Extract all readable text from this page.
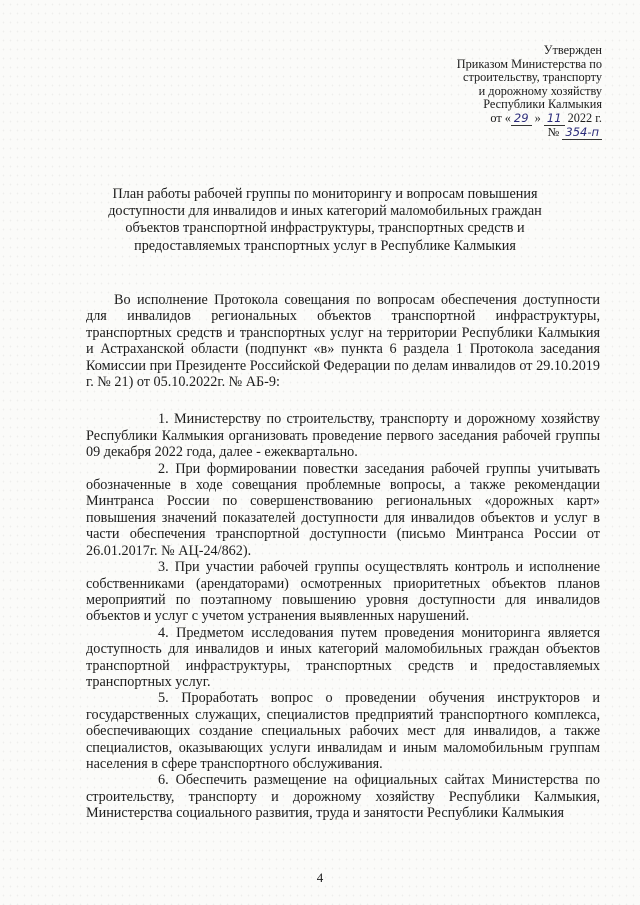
Утвержден
Приказом Министерства по
строительству, транспорту
и дорожному хозяйству
Республики Калмыкия
от « 29 » 11 2022 г.
№ 354-п
План работы рабочей группы по мониторингу и вопросам повышения доступности для инвалидов и иных категорий маломобильных граждан объектов транспортной инфраструктуры, транспортных средств и предоставляемых транспортных услуг в Республике Калмыкия

Во исполнение Протокола совещания по вопросам обеспечения доступности для инвалидов региональных объектов транспортной инфраструктуры, транспортных средств и транспортных услуг на территории Республики Калмыкия и Астраханской области (подпункт «в» пункта 6 раздела 1 Протокола заседания Комиссии при Президенте Российской Федерации по делам инвалидов от 29.10.2019 г. № 21) от 05.10.2022г. № АБ-9:

1. Министерству по строительству, транспорту и дорожному хозяйству Республики Калмыкия организовать проведение первого заседания рабочей группы 09 декабря 2022 года, далее - ежеквартально.

2. При формировании повестки заседания рабочей группы учитывать обозначенные в ходе совещания проблемные вопросы, а также рекомендации Минтранса России по совершенствованию региональных «дорожных карт» повышения значений показателей доступности для инвалидов объектов и услуг в части обеспечения транспортной доступности (письмо Минтранса России от 26.01.2017г. № АЦ-24/862).

3. При участии рабочей группы осуществлять контроль и исполнение собственниками (арендаторами) осмотренных приоритетных объектов планов мероприятий по поэтапному повышению уровня доступности для инвалидов объектов и услуг с учетом устранения выявленных нарушений.

4. Предметом исследования путем проведения мониторинга является доступность для инвалидов и иных категорий маломобильных граждан объектов транспортной инфраструктуры, транспортных средств и предоставляемых транспортных услуг.

5. Проработать вопрос о проведении обучения инструкторов и государственных служащих, специалистов предприятий транспортного комплекса, обеспечивающих создание специальных рабочих мест для инвалидов, а также специалистов, оказывающих услуги инвалидам и иным маломобильным группам населения в сфере транспортного обслуживания.

6. Обеспечить размещение на официальных сайтах Министерства по строительству, транспорту и дорожному хозяйству Республики Калмыкия, Министерства социального развития, труда и занятости Республики Калмыкия

4
